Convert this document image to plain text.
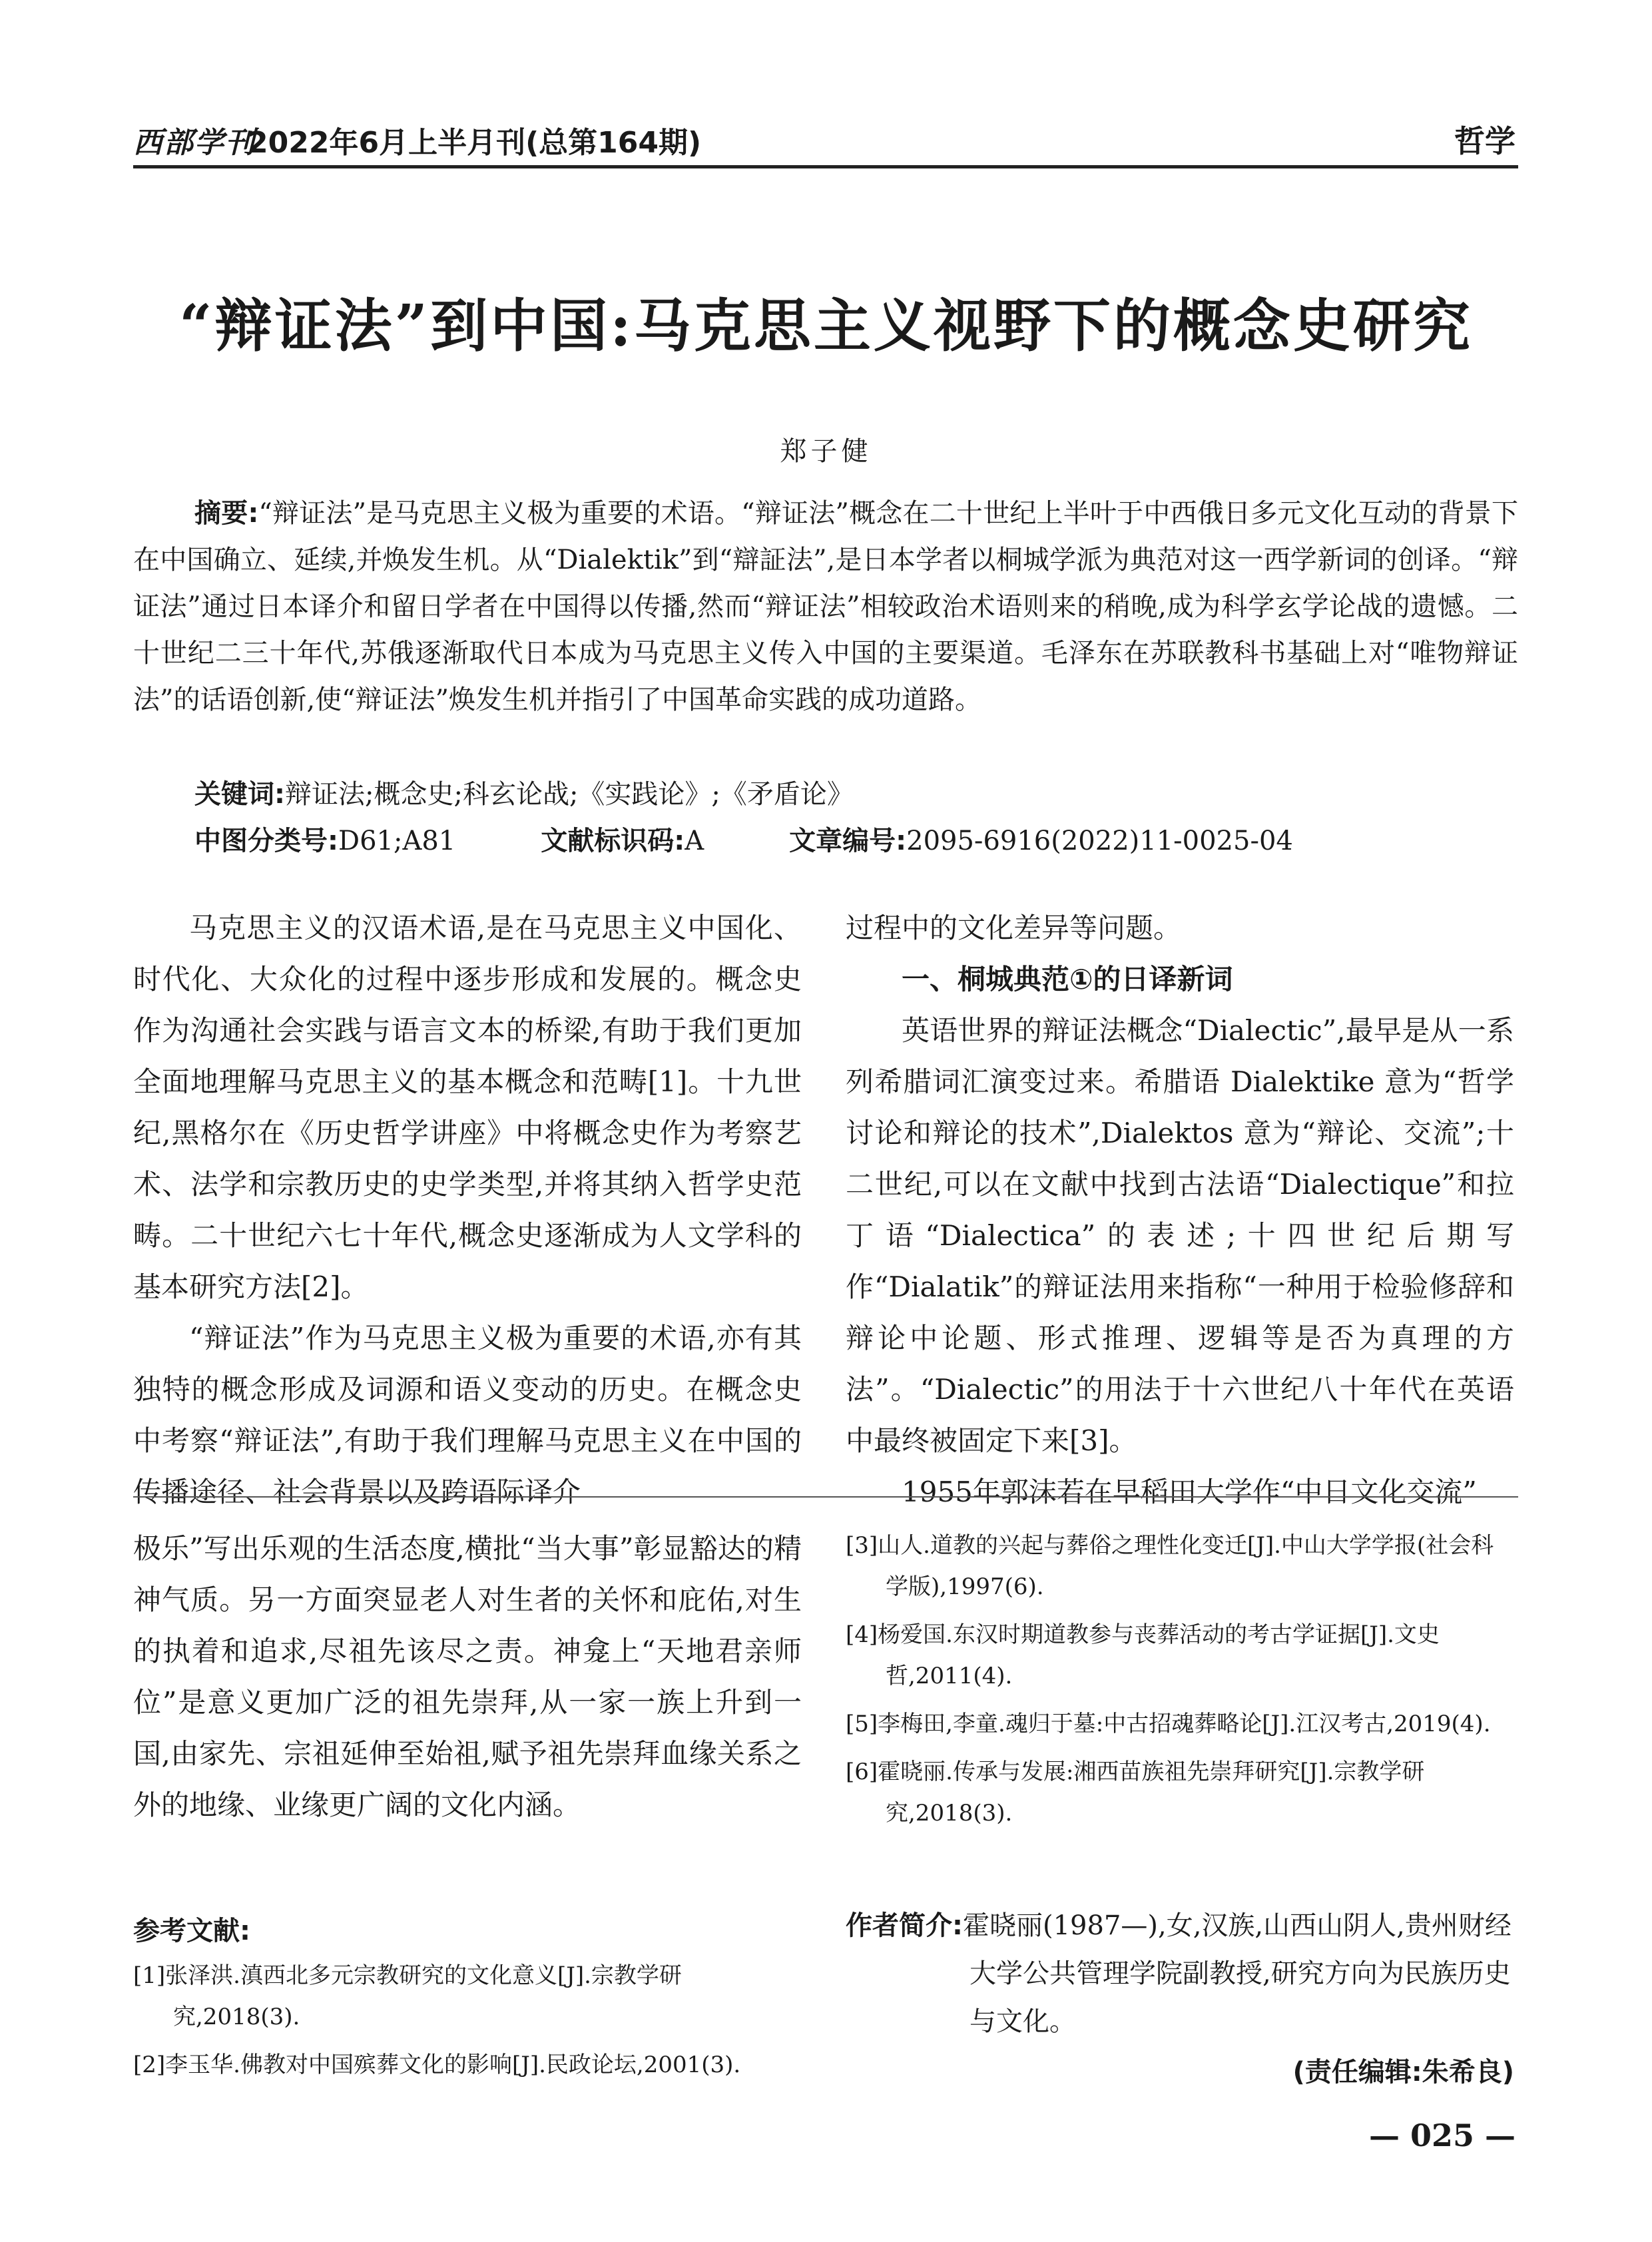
西部学刊
2022年6月上半月刊(总第164期)	哲学
“辩证法”到中国:马克思主义视野下的概念史研究
郑子健
摘要:“辩证法”是马克思主义极为重要的术语。“辩证法”概念在二十世纪上半叶于中西俄日多元文化互动的背景下在中国确立、延续,并焕发生机。从“Dialektik”到“辯証法”,是日本学者以桐城学派为典范对这一西学新词的创译。“辩证法”通过日本译介和留日学者在中国得以传播,然而“辩证法”相较政治术语则来的稍晚,成为科学玄学论战的遗憾。二十世纪二三十年代,苏俄逐渐取代日本成为马克思主义传入中国的主要渠道。毛泽东在苏联教科书基础上对“唯物辩证法”的话语创新,使“辩证法”焕发生机并指引了中国革命实践的成功道路。
关键词:辩证法;概念史;科玄论战;《实践论》;《矛盾论》
中图分类号:D61;A81	文献标识码:A	文章编号:2095-6916(2022)11-0025-04

马克思主义的汉语术语,是在马克思主义中国化、时代化、大众化的过程中逐步形成和发展的。概念史作为沟通社会实践与语言文本的桥梁,有助于我们更加全面地理解马克思主义的基本概念和范畴[1]。十九世纪,黑格尔在《历史哲学讲座》中将概念史作为考察艺术、法学和宗教历史的史学类型,并将其纳入哲学史范畴。二十世纪六七十年代,概念史逐渐成为人文学科的基本研究方法[2]。

“辩证法”作为马克思主义极为重要的术语,亦有其独特的概念形成及词源和语义变动的历史。在概念史中考察“辩证法”,有助于我们理解马克思主义在中国的传播途径、社会背景以及跨语际译介

过程中的文化差异等问题。

一、桐城典范①的日译新词

英语世界的辩证法概念“Dialectic”,最早是从一系列希腊词汇演变过来。希腊语 Dialektike 意为“哲学讨论和辩论的技术”,Dialektos 意为“辩论、交流”;十二世纪,可以在文献中找到古法语“Dialectique”和拉丁语“Dialectica”的表述;十四世纪后期写作“Dialatik”的辩证法用来指称“一种用于检验修辞和辩论中论题、形式推理、逻辑等是否为真理的方法”。“Dialectic”的用法于十六世纪八十年代在英语中最终被固定下来[3]。

1955年郭沫若在早稻田大学作“中日文化交流”

极乐”写出乐观的生活态度,横批“当大事”彰显豁达的精神气质。另一方面突显老人对生者的关怀和庇佑,对生的执着和追求,尽祖先该尽之责。神龛上“天地君亲师位”是意义更加广泛的祖先崇拜,从一家一族上升到一国,由家先、宗祖延伸至始祖,赋予祖先崇拜血缘关系之外的地缘、业缘更广阔的文化内涵。

参考文献:

[1]张泽洪.滇西北多元宗教研究的文化意义[J].宗教学研究,2018(3).

[2]李玉华.佛教对中国殡葬文化的影响[J].民政论坛,2001(3).

[3]山人.道教的兴起与葬俗之理性化变迁[J].中山大学学报(社会科学版),1997(6).

[4]杨爱国.东汉时期道教参与丧葬活动的考古学证据[J].文史哲,2011(4).

[5]李梅田,李童.魂归于墓:中古招魂葬略论[J].江汉考古,2019(4).

[6]霍晓丽.传承与发展:湘西苗族祖先崇拜研究[J].宗教学研究,2018(3).

作者简介:霍晓丽(1987—),女,汉族,山西山阴人,贵州财经大学公共管理学院副教授,研究方向为民族历史与文化。
(责任编辑:朱希良)
— 025 —
